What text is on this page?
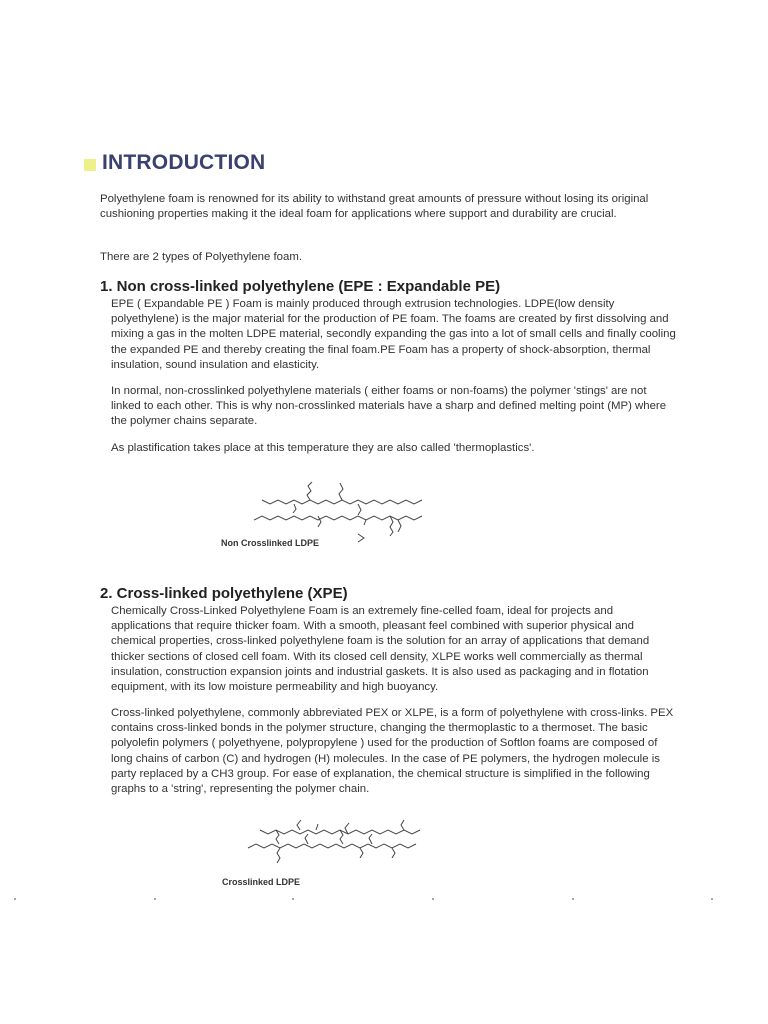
INTRODUCTION

Polyethylene foam is renowned for its ability to withstand great amounts of pressure without losing its original cushioning properties making it the ideal foam for applications where support and durability are crucial.

There are 2 types of Polyethylene foam.

1. Non cross-linked polyethylene (EPE : Expandable PE)

EPE ( Expandable PE ) Foam is mainly produced through extrusion technologies. LDPE(low density polyethylene) is the major material for the production of PE foam. The foams are created by first dissolving and mixing a gas in the molten LDPE material, secondly expanding the gas into a lot of small cells and finally cooling the expanded PE and thereby creating the final foam.PE Foam has a property of shock-absorption, thermal insulation, sound insulation and elasticity.

In normal, non-crosslinked polyethylene materials ( either foams or non-foams) the polymer 'stings' are not linked to each other. This is why non-crosslinked materials have a sharp and defined melting point (MP) where the polymer chains separate.

As plastification takes place at this temperature they are also called 'thermoplastics'.

Non Crosslinked LDPE
2. Cross-linked polyethylene (XPE)

Chemically Cross-Linked Polyethylene Foam is an extremely fine-celled foam, ideal for projects and applications that require thicker foam. With a smooth, pleasant feel combined with superior physical and chemical properties, cross-linked polyethylene foam is the solution for an array of applications that demand thicker sections of closed cell foam. With its closed cell density, XLPE works well commercially as thermal insulation, construction expansion joints and industrial gaskets. It is also used as packaging and in flotation equipment, with its low moisture permeability and high buoyancy.

Cross-linked polyethylene, commonly abbreviated PEX or XLPE, is a form of polyethylene with cross-links. PEX contains cross-linked bonds in the polymer structure, changing the thermoplastic to a thermoset. The basic polyolefin polymers ( polyethyene, polypropylene ) used for the production of Softlon foams are composed of long chains of carbon (C) and hydrogen (H) molecules. In the case of PE polymers, the hydrogen molecule is party replaced by a CH3 group. For ease of explanation, the chemical structure is simplified in the following graphs to a 'string', representing the polymer chain.

Crosslinked LDPE
